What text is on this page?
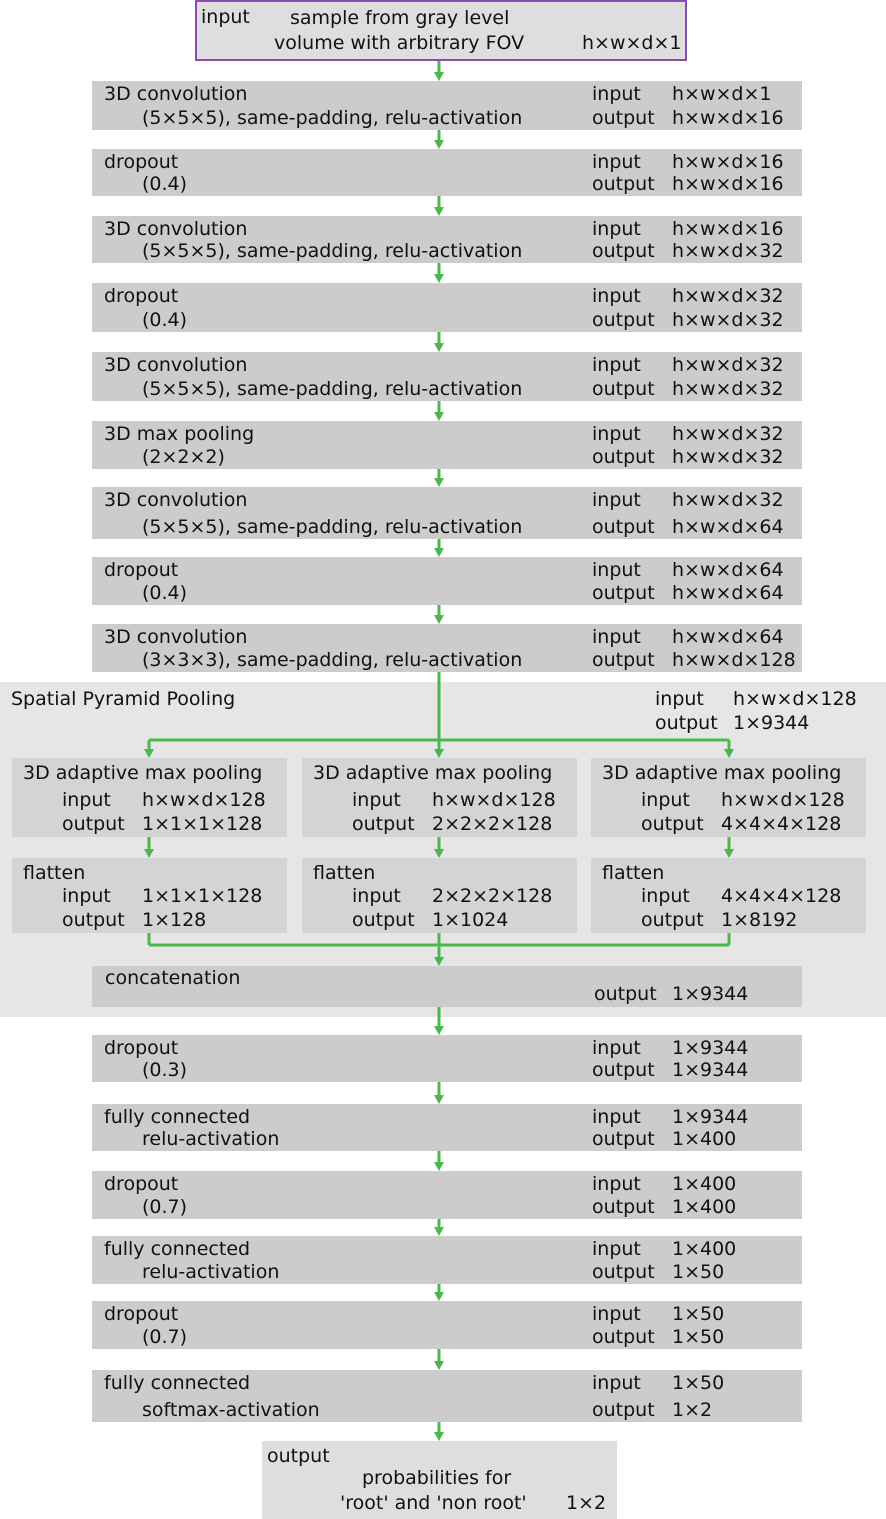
Spatial Pyramid Pooling	input h×w×d×128
output 1×9344
input sample from gray level
volume with arbitrary FOV	h×w×d×1
3D convolution
(5×5×5), same-padding, relu-activation
input h×w×d×1
output h×w×d×16
dropout
(0.4)
input h×w×d×16
output h×w×d×16
3D convolution
(5×5×5), same-padding, relu-activation
input h×w×d×16
output h×w×d×32
dropout
(0.4)
input h×w×d×32
output h×w×d×32
3D convolution
(5×5×5), same-padding, relu-activation
input h×w×d×32
output h×w×d×32
3D max pooling
(2×2×2)
input h×w×d×32
output h×w×d×32
3D convolution
(5×5×5), same-padding, relu-activation
input h×w×d×32
output h×w×d×64
dropout
(0.4)
input h×w×d×64
output h×w×d×64
3D convolution
(3×3×3), same-padding, relu-activation
input h×w×d×64
output h×w×d×128
3D adaptive max pooling
input h×w×d×128
output 1×1×1×128
flatten
input 1×1×1×128
output 1×128
3D adaptive max pooling
input h×w×d×128
output 2×2×2×128
flatten
input 2×2×2×128
output 1×1024
3D adaptive max pooling
input h×w×d×128
output 4×4×4×128
flatten
input 4×4×4×128
output 1×8192
concatenation
output 1×9344
dropout
(0.3)
input 1×9344
output 1×9344
fully connected
relu-activation
input 1×9344
output 1×400
dropout
(0.7)
input 1×400
output 1×400
fully connected
relu-activation
input 1×400
output 1×50
dropout
(0.7)
input 1×50
output 1×50
fully connected
softmax-activation
input 1×50
output 1×2
output
probabilities for
'root' and 'non root' 1×2
